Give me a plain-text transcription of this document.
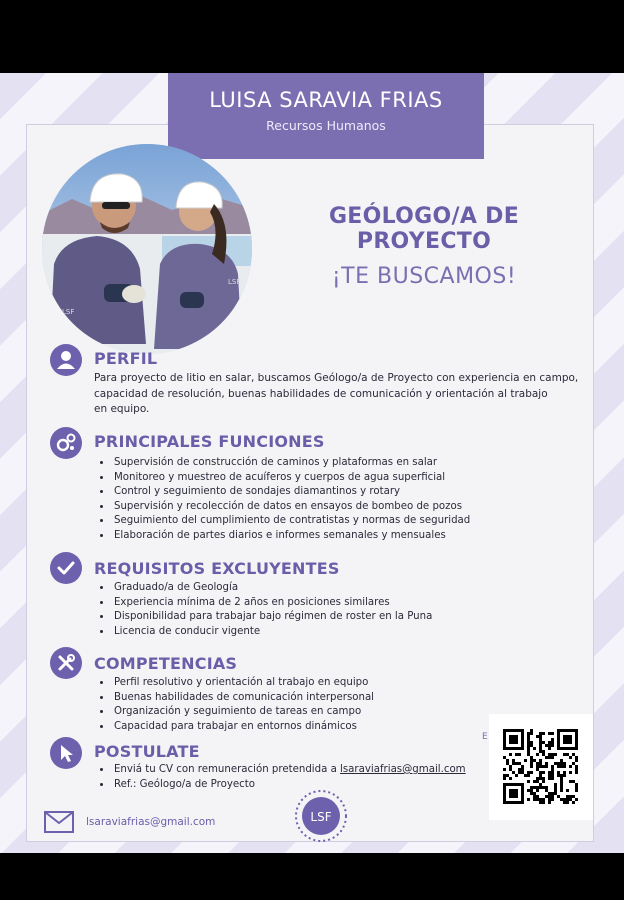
LUISA SARAVIA FRIAS
Recursos Humanos
LSF
LSF
GEÓLOGO/A DE PROYECTO
¡TE BUSCAMOS!
PERFIL
Para proyecto de litio en salar, buscamos Geólogo/a de Proyecto con experiencia en campo,
capacidad de resolución, buenas habilidades de comunicación y orientación al trabajo
en equipo.
PRINCIPALES FUNCIONES
• Supervisión de construcción de caminos y plataformas en salar
• Monitoreo y muestreo de acuíferos y cuerpos de agua superficial
• Control y seguimiento de sondajes diamantinos y rotary
• Supervisión y recolección de datos en ensayos de bombeo de pozos
• Seguimiento del cumplimiento de contratistas y normas de seguridad
• Elaboración de partes diarios e informes semanales y mensuales
REQUISITOS EXCLUYENTES
• Graduado/a de Geología
• Experiencia mínima de 2 años en posiciones similares
• Disponibilidad para trabajar bajo régimen de roster en la Puna
• Licencia de conducir vigente
COMPETENCIAS
• Perfil resolutivo y orientación al trabajo en equipo
• Buenas habilidades de comunicación interpersonal
• Organización y seguimiento de tareas en campo
• Capacidad para trabajar en entornos dinámicos
POSTULATE
• Enviá tu CV con remuneración pretendida a lsaraviafrias@gmail.com
• Ref.: Geólogo/a de Proyecto
E
lsaraviafrias@gmail.com	LSF
